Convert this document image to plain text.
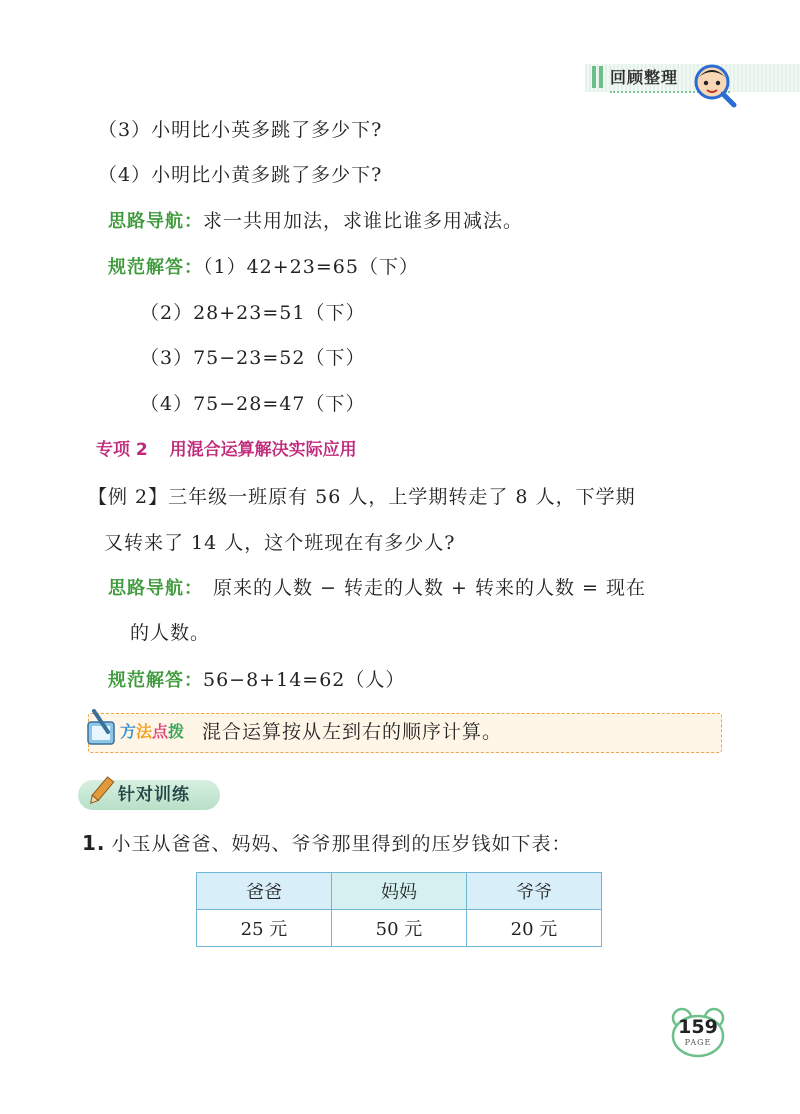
回顾整理
（3）小明比小英多跳了多少下?
（4）小明比小黄多跳了多少下?
思路导航：求一共用加法，求谁比谁多用减法。
规范解答：（1）42+23=65（下）
（2）28+23=51（下）
（3）75−23=52（下）
（4）75−28=47（下）
专项 2 用混合运算解决实际应用
【例 2】三年级一班原有 56 人，上学期转走了 8 人，下学期
又转来了 14 人，这个班现在有多少人?
思路导航： 原来的人数 − 转走的人数 + 转来的人数 = 现在
的人数。
规范解答：56−8+14=62（人）
方 法 点 拨 混合运算按从左到右的顺序计算。
针对训练
1. 小玉从爸爸、妈妈、爷爷那里得到的压岁钱如下表：
爸爸	妈妈	爷爷
25 元	50 元	20 元
159
PAGE
